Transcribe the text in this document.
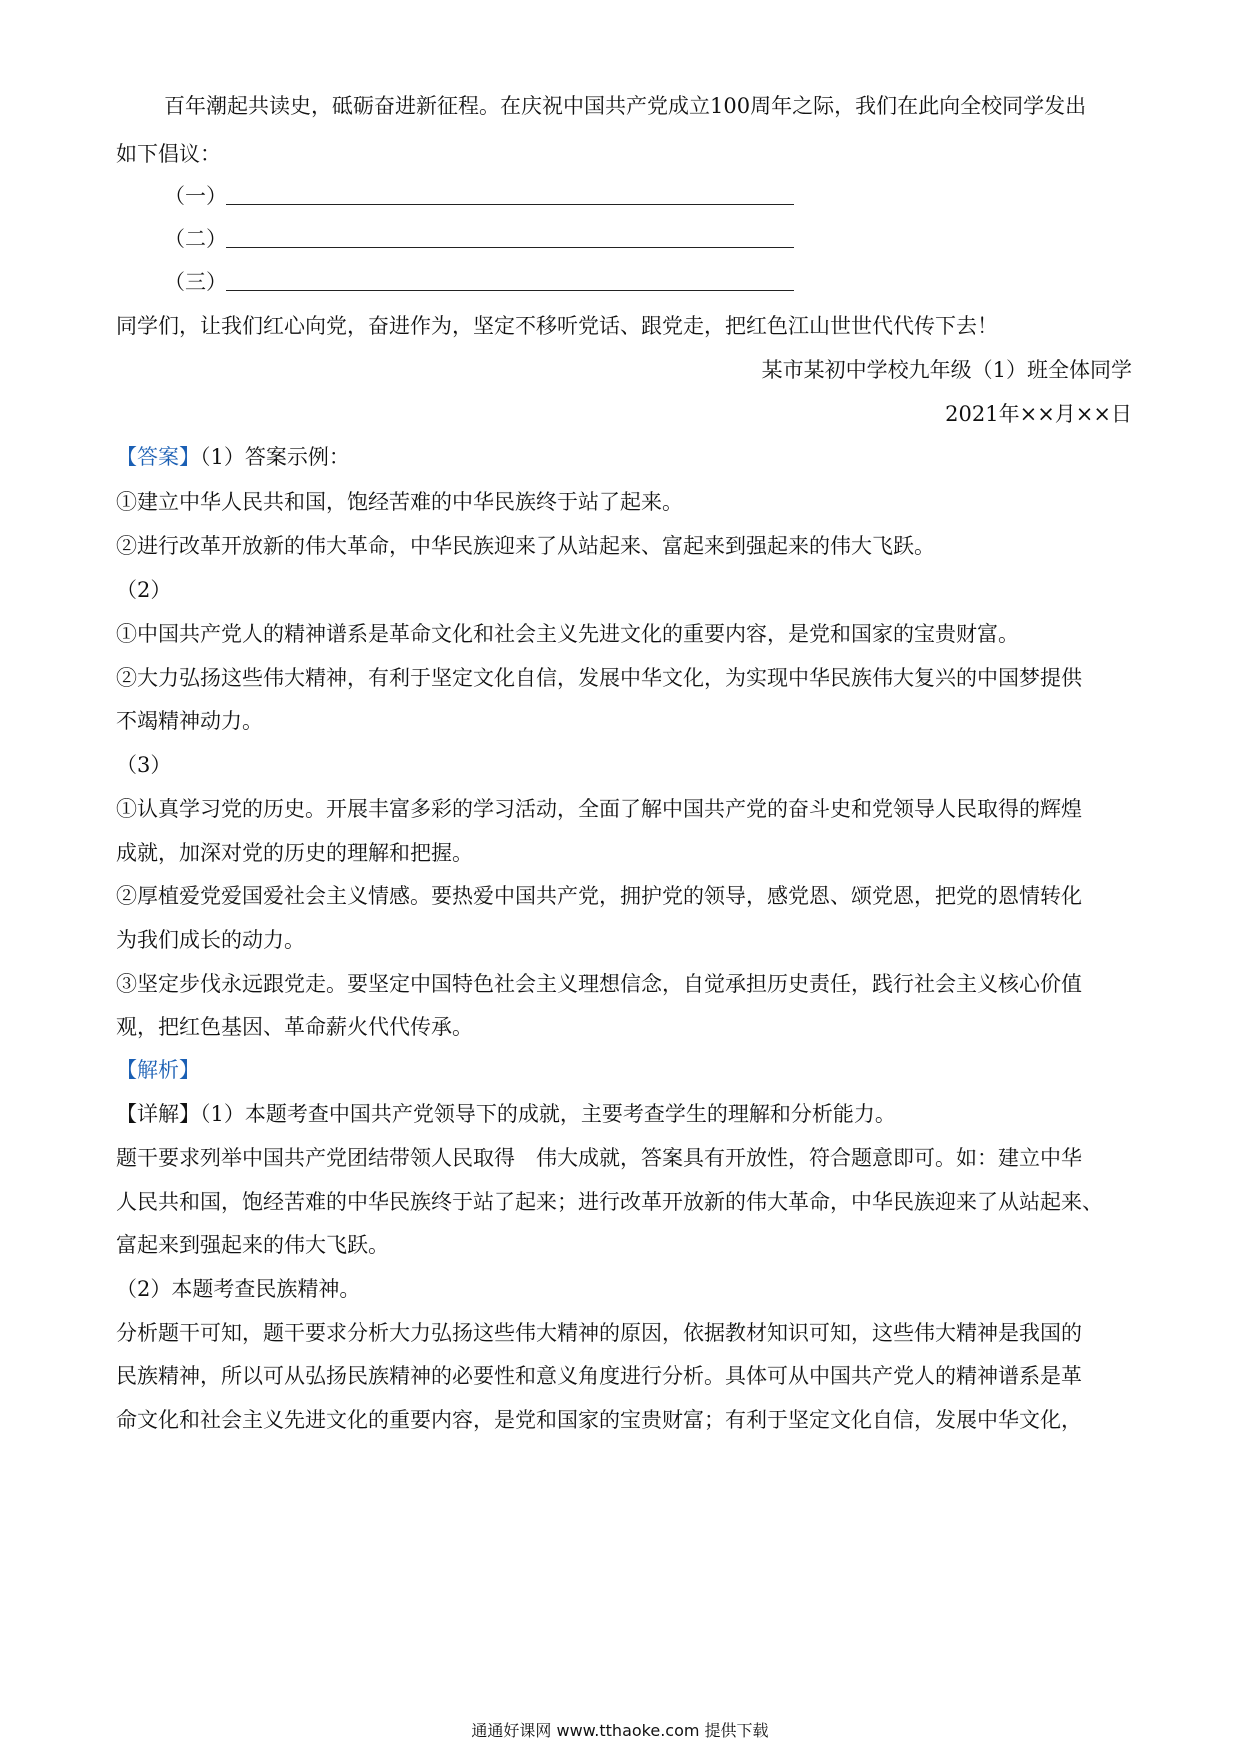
百年潮起共读史，砥砺奋进新征程。在庆祝中国共产党成立100周年之际，我们在此向全校同学发出
如下倡议：
（一）
（二）
（三）
同学们，让我们红心向党，奋进作为，坚定不移听党话、跟党走，把红色江山世世代代传下去！
某市某初中学校九年级（1）班全体同学
2021年××月××日
【答案】（1）答案示例：
①建立中华人民共和国，饱经苦难的中华民族终于站了起来。
②进行改革开放新的伟大革命，中华民族迎来了从站起来、富起来到强起来的伟大飞跃。
（2）
①中国共产党人的精神谱系是革命文化和社会主义先进文化的重要内容，是党和国家的宝贵财富。
②大力弘扬这些伟大精神，有利于坚定文化自信，发展中华文化，为实现中华民族伟大复兴的中国梦提供
不竭精神动力。
（3）
①认真学习党的历史。开展丰富多彩的学习活动，全面了解中国共产党的奋斗史和党领导人民取得的辉煌
成就，加深对党的历史的理解和把握。
②厚植爱党爱国爱社会主义情感。要热爱中国共产党，拥护党的领导，感党恩、颂党恩，把党的恩情转化
为我们成长的动力。
③坚定步伐永远跟党走。要坚定中国特色社会主义理想信念，自觉承担历史责任，践行社会主义核心价值
观，把红色基因、革命薪火代代传承。
【解析】
【详解】（1）本题考查中国共产党领导下的成就，主要考查学生的理解和分析能力。
题干要求列举中国共产党团结带领人民取得　伟大成就，答案具有开放性，符合题意即可。如：建立中华
人民共和国，饱经苦难的中华民族终于站了起来；进行改革开放新的伟大革命，中华民族迎来了从站起来、
富起来到强起来的伟大飞跃。
（2）本题考查民族精神。
分析题干可知，题干要求分析大力弘扬这些伟大精神的原因，依据教材知识可知，这些伟大精神是我国的
民族精神，所以可从弘扬民族精神的必要性和意义角度进行分析。具体可从中国共产党人的精神谱系是革
命文化和社会主义先进文化的重要内容，是党和国家的宝贵财富；有利于坚定文化自信，发展中华文化，
通通好课网 www.tthaoke.com 提供下载
